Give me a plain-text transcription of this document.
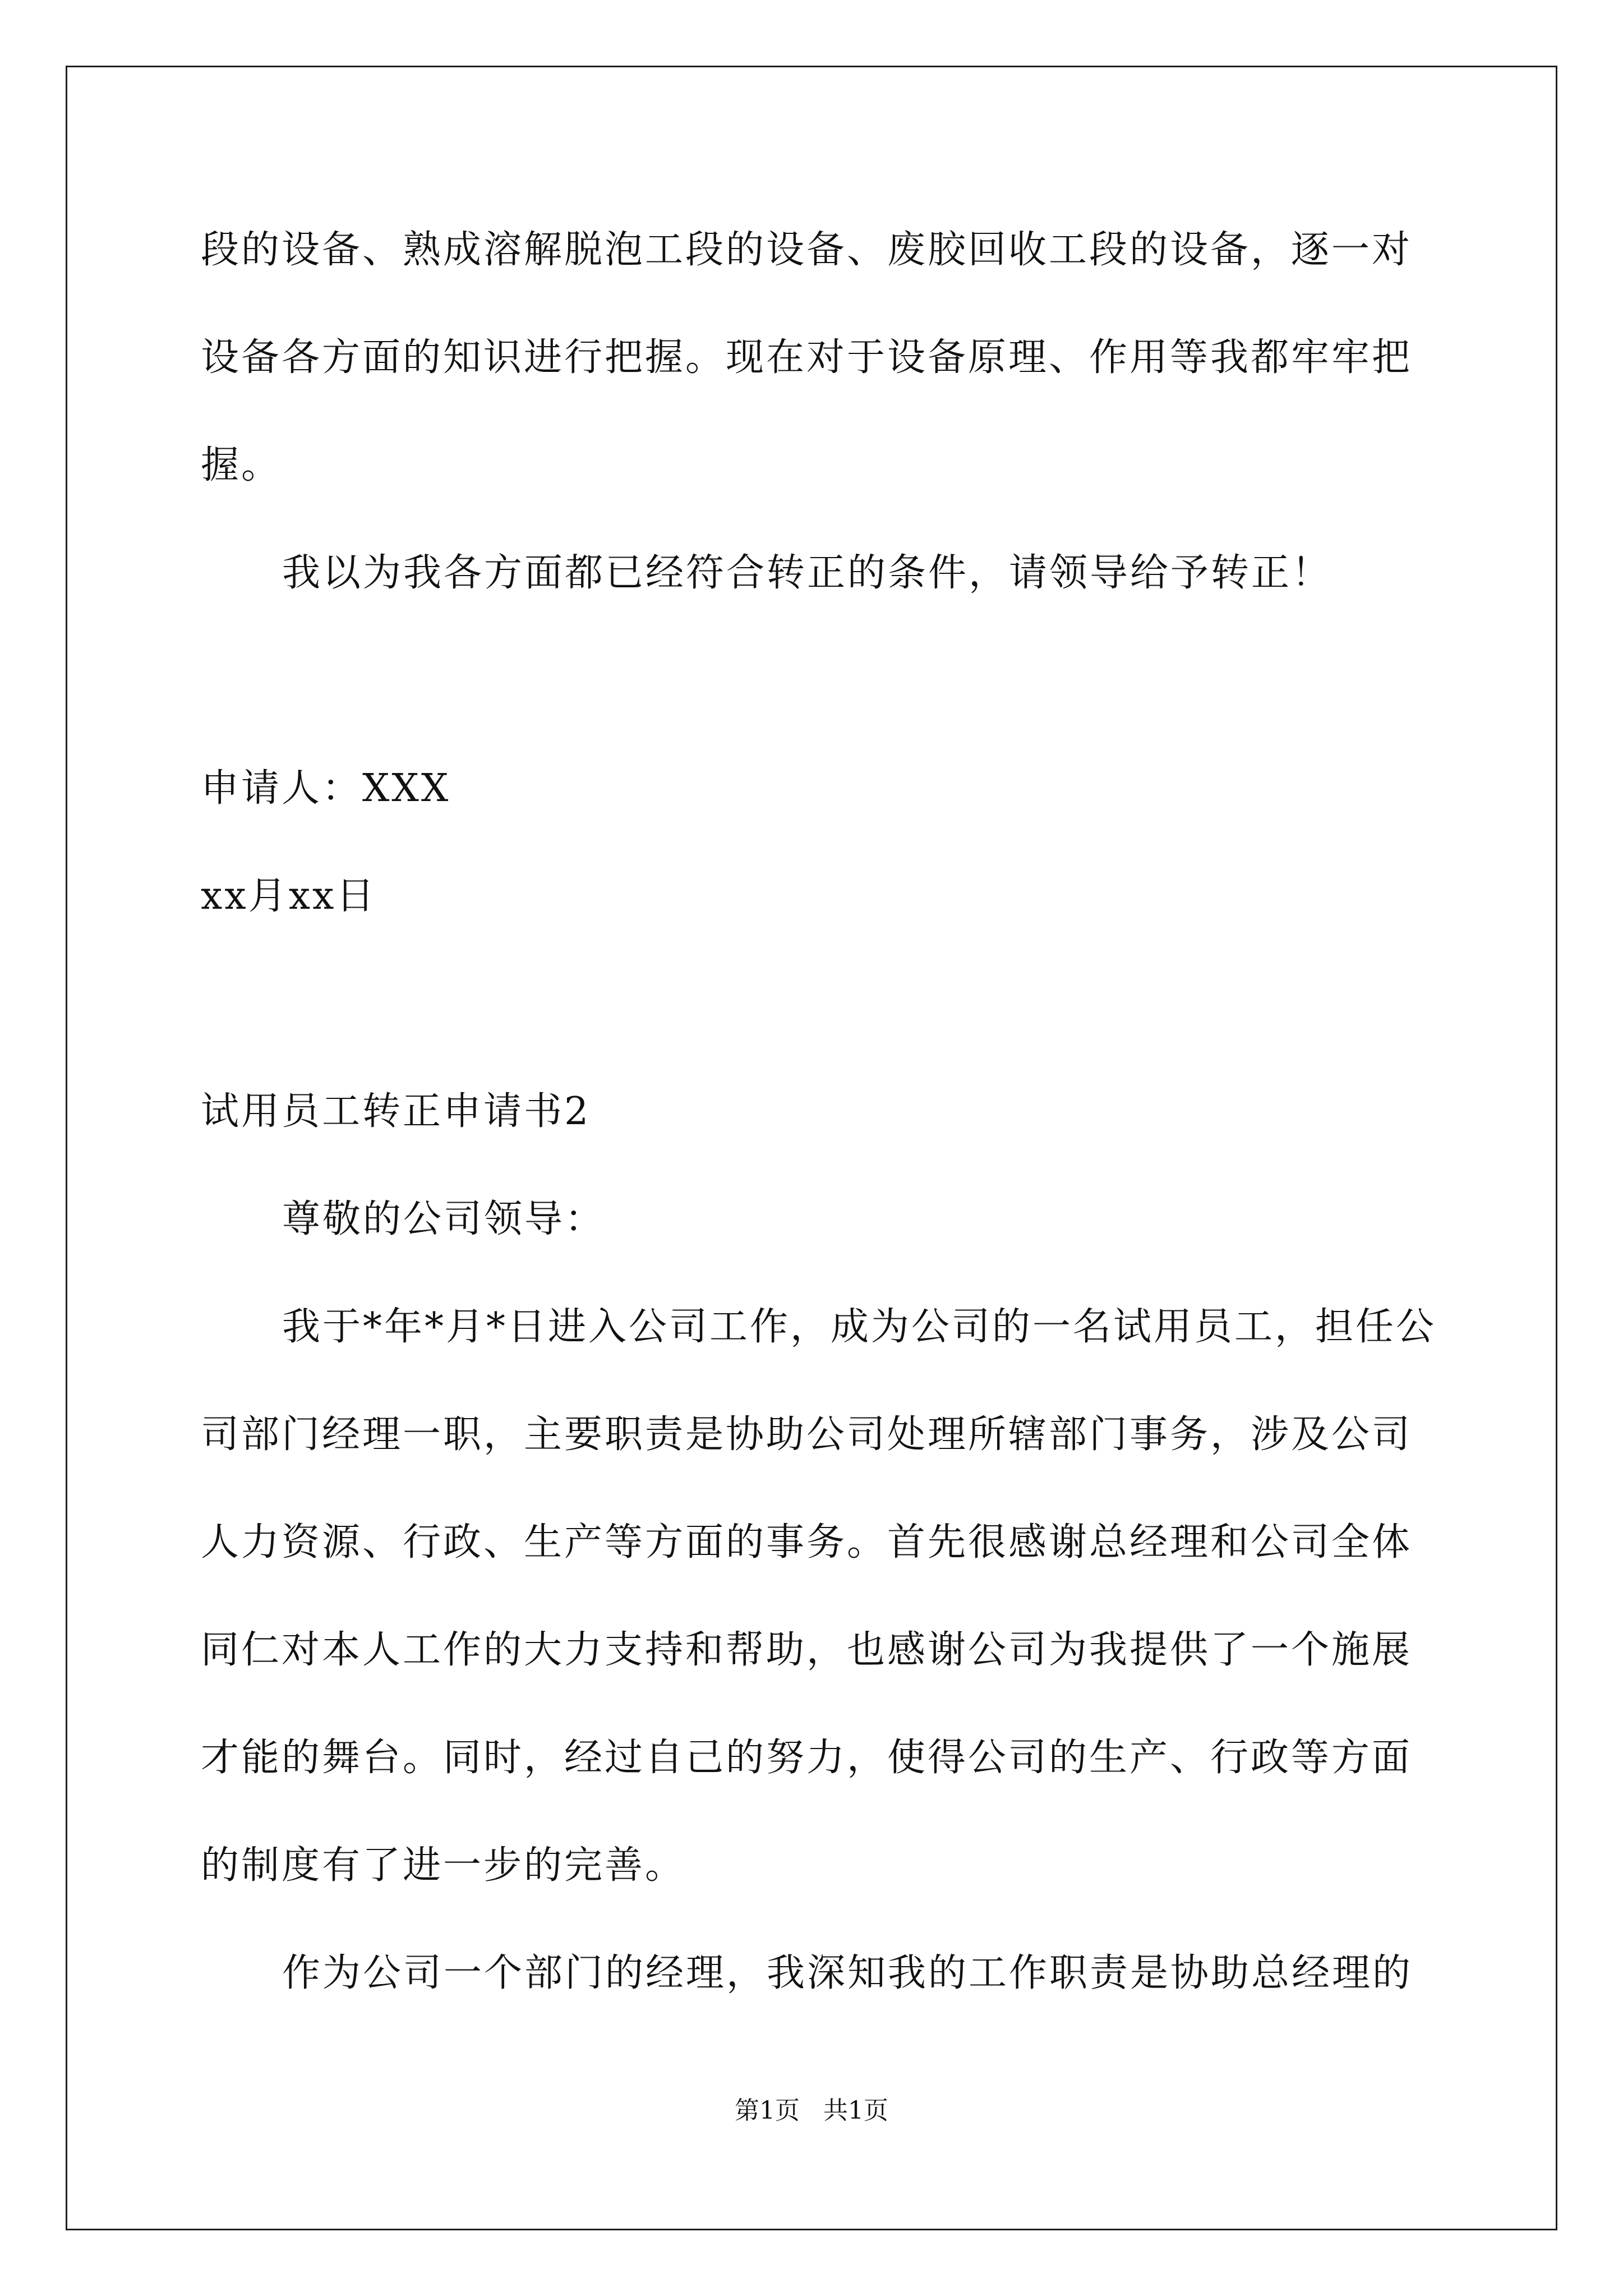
段的设备、熟成溶解脱泡工段的设备、废胶回收工段的设备，逐一对
设备各方面的知识进行把握。现在对于设备原理、作用等我都牢牢把
握。
我以为我各方面都已经符合转正的条件，请领导给予转正！
申请人：XXX
xx月xx日
试用员工转正申请书2
尊敬的公司领导：
我于*年*月*日进入公司工作，成为公司的一名试用员工，担任公
司部门经理一职，主要职责是协助公司处理所辖部门事务，涉及公司
人力资源、行政、生产等方面的事务。首先很感谢总经理和公司全体
同仁对本人工作的大力支持和帮助，也感谢公司为我提供了一个施展
才能的舞台。同时，经过自己的努力，使得公司的生产、行政等方面
的制度有了进一步的完善。
作为公司一个部门的经理，我深知我的工作职责是协助总经理的
第1页 共1页
